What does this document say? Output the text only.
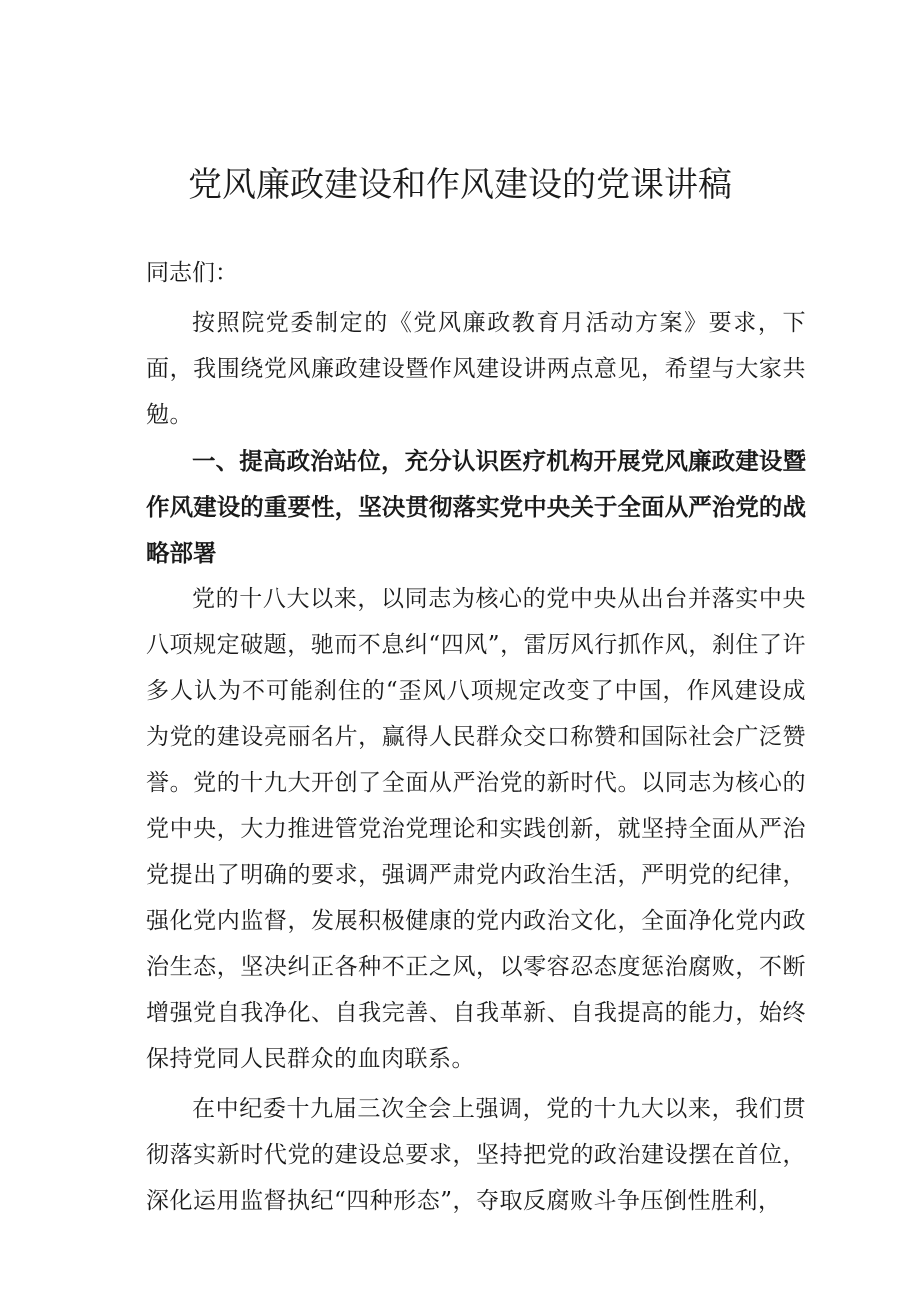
党风廉政建设和作风建设的党课讲稿

同志们：

按照院党委制定的《党风廉政教育月活动方案》要求，下面，我围绕党风廉政建设暨作风建设讲两点意见，希望与大家共勉。

一、提高政治站位，充分认识医疗机构开展党风廉政建设暨作风建设的重要性，坚决贯彻落实党中央关于全面从严治党的战略部署

党的十八大以来，以同志为核心的党中央从出台并落实中央八项规定破题，驰而不息纠“四风”，雷厉风行抓作风，刹住了许多人认为不可能刹住的“歪风八项规定改变了中国，作风建设成为党的建设亮丽名片，赢得人民群众交口称赞和国际社会广泛赞誉。党的十九大开创了全面从严治党的新时代。以同志为核心的党中央，大力推进管党治党理论和实践创新，就坚持全面从严治党提出了明确的要求，强调严肃党内政治生活，严明党的纪律，强化党内监督，发展积极健康的党内政治文化，全面净化党内政治生态，坚决纠正各种不正之风，以零容忍态度惩治腐败，不断增强党自我净化、自我完善、自我革新、自我提高的能力，始终保持党同人民群众的血肉联系。

在中纪委十九届三次全会上强调，党的十九大以来，我们贯彻落实新时代党的建设总要求，坚持把党的政治建设摆在首位，深化运用监督执纪“四种形态”，夺取反腐败斗争压倒性胜利，
